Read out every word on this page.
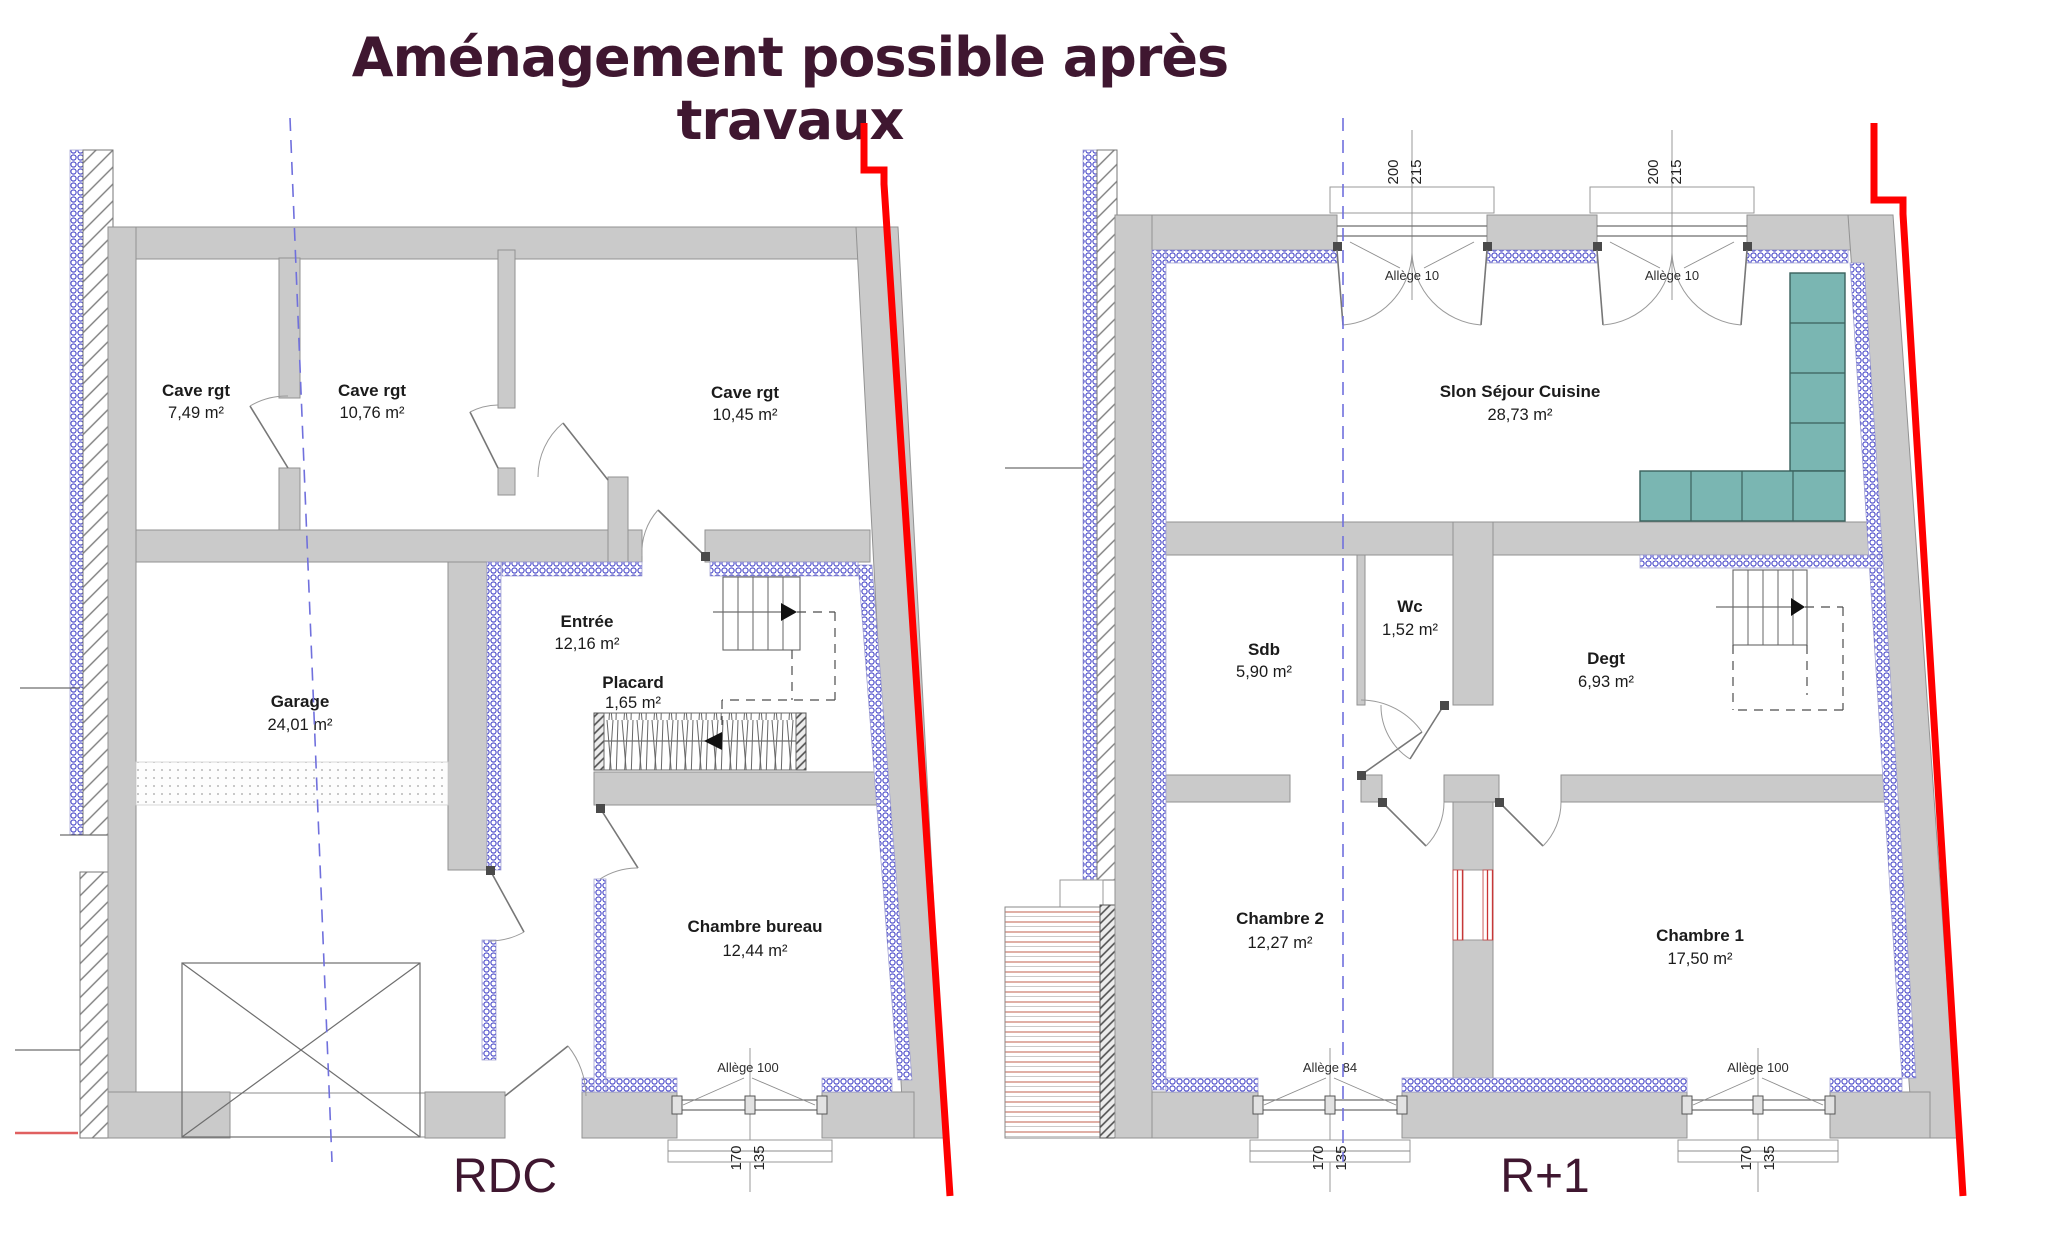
Aménagement possible après travaux
Allège 100
170 135
Cave rgt
7,49 m²
Cave rgt
10,76 m²
Cave rgt
10,45 m²
Garage
24,01 m²
Entrée
12,16 m²
Placard
1,65 m²
Chambre bureau
12,44 m²
RDC
Allège 10
200 215
Allège 10
200 215
Allège 84
170 135
Allège 100
170 135
Slon Séjour Cuisine
28,73 m²
Sdb
5,90 m²
Wc
1,52 m²
Degt
6,93 m²
Chambre 2
12,27 m²	Chambre 1
17,50 m²
R+1
